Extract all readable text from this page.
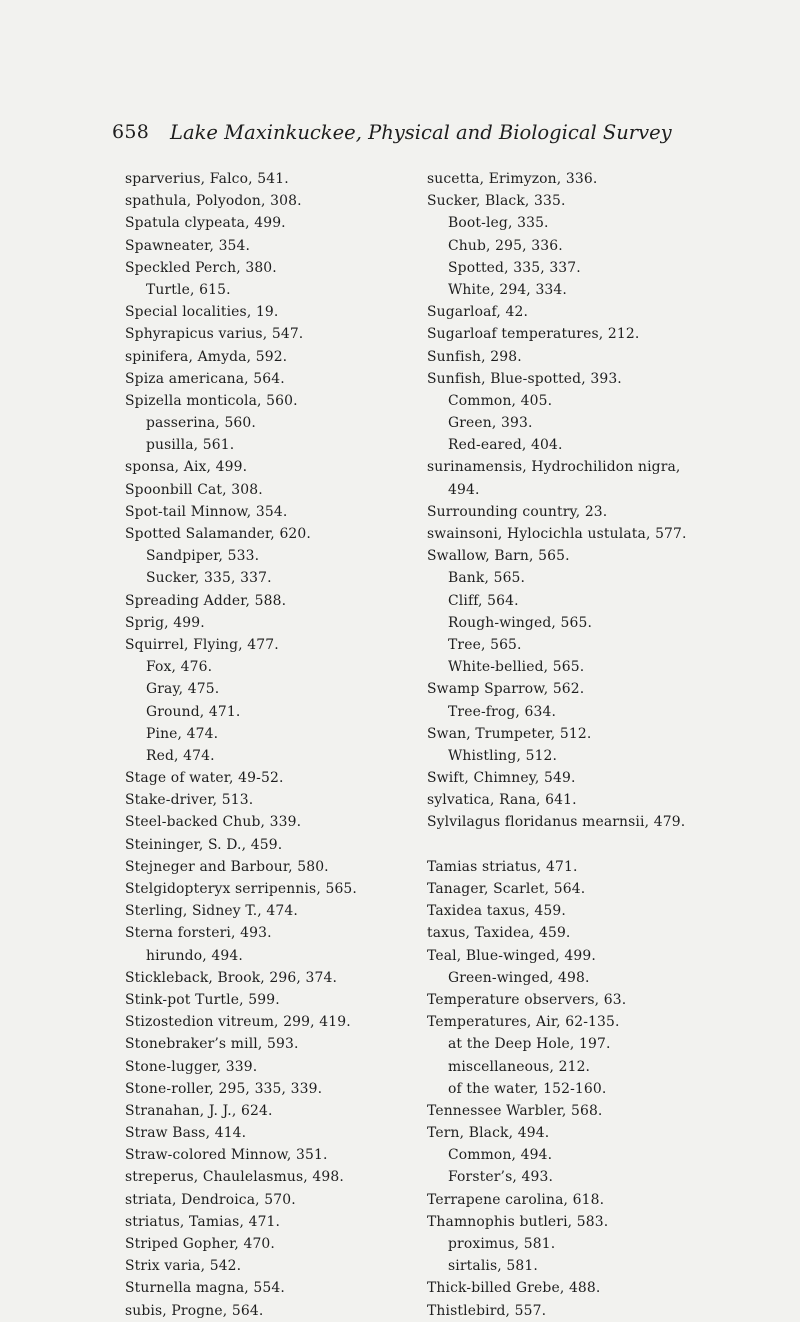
658 Lake Maxinkuckee, Physical and Biological Survey
sparverius, Falco, 541.
spathula, Polyodon, 308.
Spatula clypeata, 499.
Spawneater, 354.
Speckled Perch, 380.
Turtle, 615.
Special localities, 19.
Sphyrapicus varius, 547.
spinifera, Amyda, 592.
Spiza americana, 564.
Spizella monticola, 560.
passerina, 560.
pusilla, 561.
sponsa, Aix, 499.
Spoonbill Cat, 308.
Spot-tail Minnow, 354.
Spotted Salamander, 620.
Sandpiper, 533.
Sucker, 335, 337.
Spreading Adder, 588.
Sprig, 499.
Squirrel, Flying, 477.
Fox, 476.
Gray, 475.
Ground, 471.
Pine, 474.
Red, 474.
Stage of water, 49-52.
Stake-driver, 513.
Steel-backed Chub, 339.
Steininger, S. D., 459.
Stejneger and Barbour, 580.
Stelgidopteryx serripennis, 565.
Sterling, Sidney T., 474.
Sterna forsteri, 493.
hirundo, 494.
Stickleback, Brook, 296, 374.
Stink-pot Turtle, 599.
Stizostedion vitreum, 299, 419.
Stonebraker’s mill, 593.
Stone-lugger, 339.
Stone-roller, 295, 335, 339.
Stranahan, J. J., 624.
Straw Bass, 414.
Straw-colored Minnow, 351.
streperus, Chaulelasmus, 498.
striata, Dendroica, 570.
striatus, Tamias, 471.
Striped Gopher, 470.
Strix varia, 542.
Sturnella magna, 554.
subis, Progne, 564.
sucetta, Erimyzon, 336.
Sucker, Black, 335.
Boot-leg, 335.
Chub, 295, 336.
Spotted, 335, 337.
White, 294, 334.
Sugarloaf, 42.
Sugarloaf temperatures, 212.
Sunfish, 298.
Sunfish, Blue-spotted, 393.
Common, 405.
Green, 393.
Red-eared, 404.
surinamensis, Hydrochilidon nigra,
494.
Surrounding country, 23.
swainsoni, Hylocichla ustulata, 577.
Swallow, Barn, 565.
Bank, 565.
Cliff, 564.
Rough-winged, 565.
Tree, 565.
White-bellied, 565.
Swamp Sparrow, 562.
Tree-frog, 634.
Swan, Trumpeter, 512.
Whistling, 512.
Swift, Chimney, 549.
sylvatica, Rana, 641.
Sylvilagus floridanus mearnsii, 479.
Tamias striatus, 471.
Tanager, Scarlet, 564.
Taxidea taxus, 459.
taxus, Taxidea, 459.
Teal, Blue-winged, 499.
Green-winged, 498.
Temperature observers, 63.
Temperatures, Air, 62-135.
at the Deep Hole, 197.
miscellaneous, 212.
of the water, 152-160.
Tennessee Warbler, 568.
Tern, Black, 494.
Common, 494.
Forster’s, 493.
Terrapene carolina, 618.
Thamnophis butleri, 583.
proximus, 581.
sirtalis, 581.
Thick-billed Grebe, 488.
Thistlebird, 557.
